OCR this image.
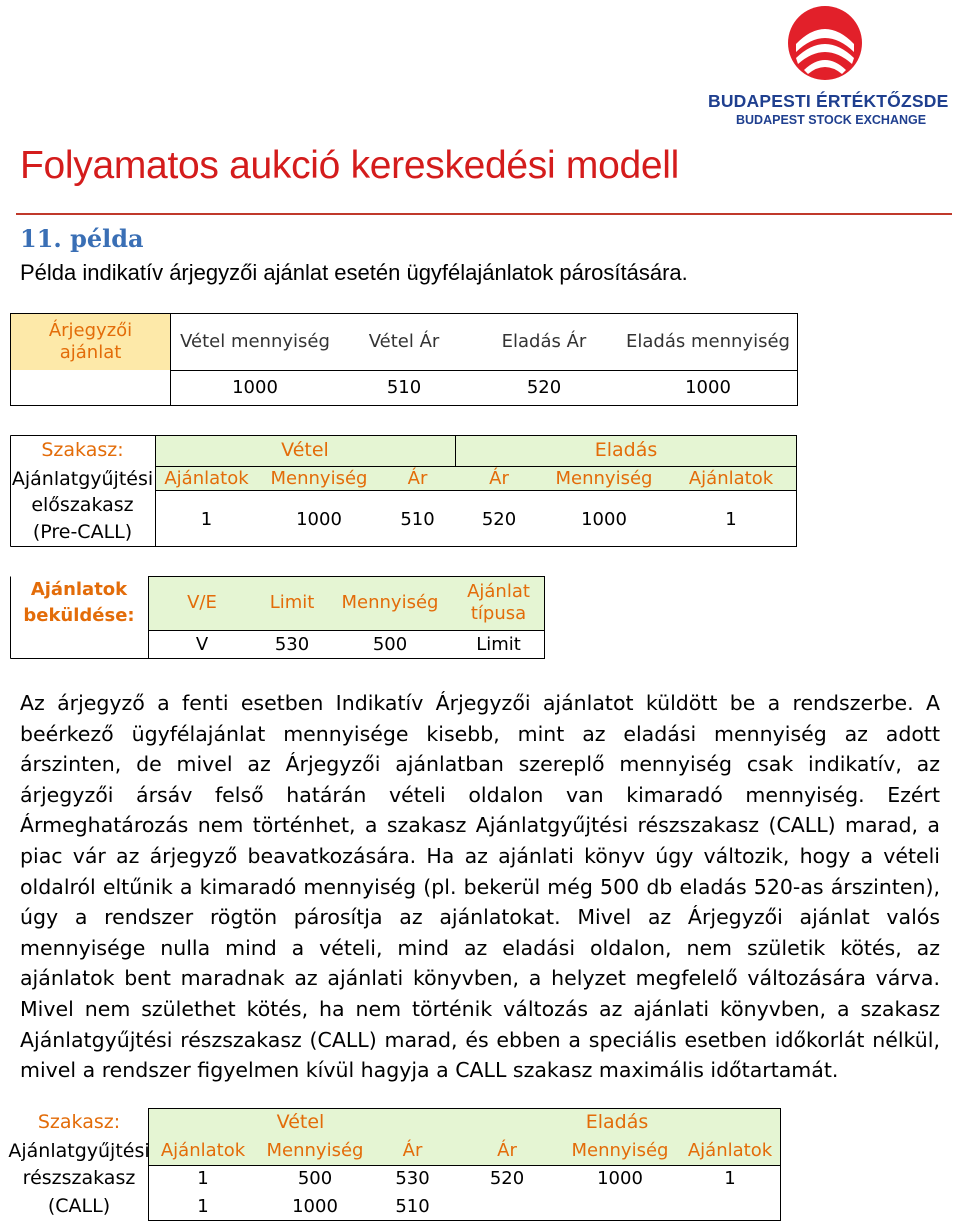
BUDAPESTI ÉRTÉKTŐZSDE
BUDAPEST STOCK EXCHANGE
Folyamatos aukció kereskedési modell
11. példa
Példa indikatív árjegyzői ajánlat esetén ügyfélajánlatok párosítására.
Árjegyzői ajánlat
Vétel mennyiség	Vétel Ár	Eladás Ár	Eladás mennyiség
1000	510	520	1000
Szakasz:	Vétel	Eladás
Ajánlatgyűjtési
előszakasz
(Pre-CALL)
Ajánlatok	Mennyiség	Ár	Ár	Mennyiség	Ajánlatok
1	1000	510	520	1000	1
Ajánlatok
beküldése:
V/E	Limit	Mennyiség
Ajánlat típusa
V	530	500	Limit
Az árjegyző a fenti esetben Indikatív Árjegyzői ajánlatot küldött be a rendszerbe. A beérkező ügyfélajánlat mennyisége kisebb, mint az eladási mennyiség az adott árszinten, de mivel az Árjegyzői ajánlatban szereplő mennyiség csak indikatív, az árjegyzői ársáv felső határán vételi oldalon van kimaradó mennyiség. Ezért Ármeghatározás nem történhet, a szakasz Ajánlatgyűjtési részszakasz (CALL) marad, a piac vár az árjegyző beavatkozására. Ha az ajánlati könyv úgy változik, hogy a vételi oldalról eltűnik a kimaradó mennyiség (pl. bekerül még 500 db eladás 520-as árszinten), úgy a rendszer rögtön párosítja az ajánlatokat. Mivel az Árjegyzői ajánlat valós mennyisége nulla mind a vételi, mind az eladási oldalon, nem születik kötés, az ajánlatok bent maradnak az ajánlati könyvben, a helyzet megfelelő változására várva. Mivel nem születhet kötés, ha nem történik változás az ajánlati könyvben, a szakasz Ajánlatgyűjtési részszakasz (CALL) marad, és ebben a speciális esetben időkorlát nélkül, mivel a rendszer figyelmen kívül hagyja a CALL szakasz maximális időtartamát.
Szakasz:	Vétel	Eladás
Ajánlatgyűjtési
részszakasz
(CALL)
Ajánlatok	Mennyiség	Ár	Ár	Mennyiség	Ajánlatok
1	500	530	520	1000	1
1	1000	510
